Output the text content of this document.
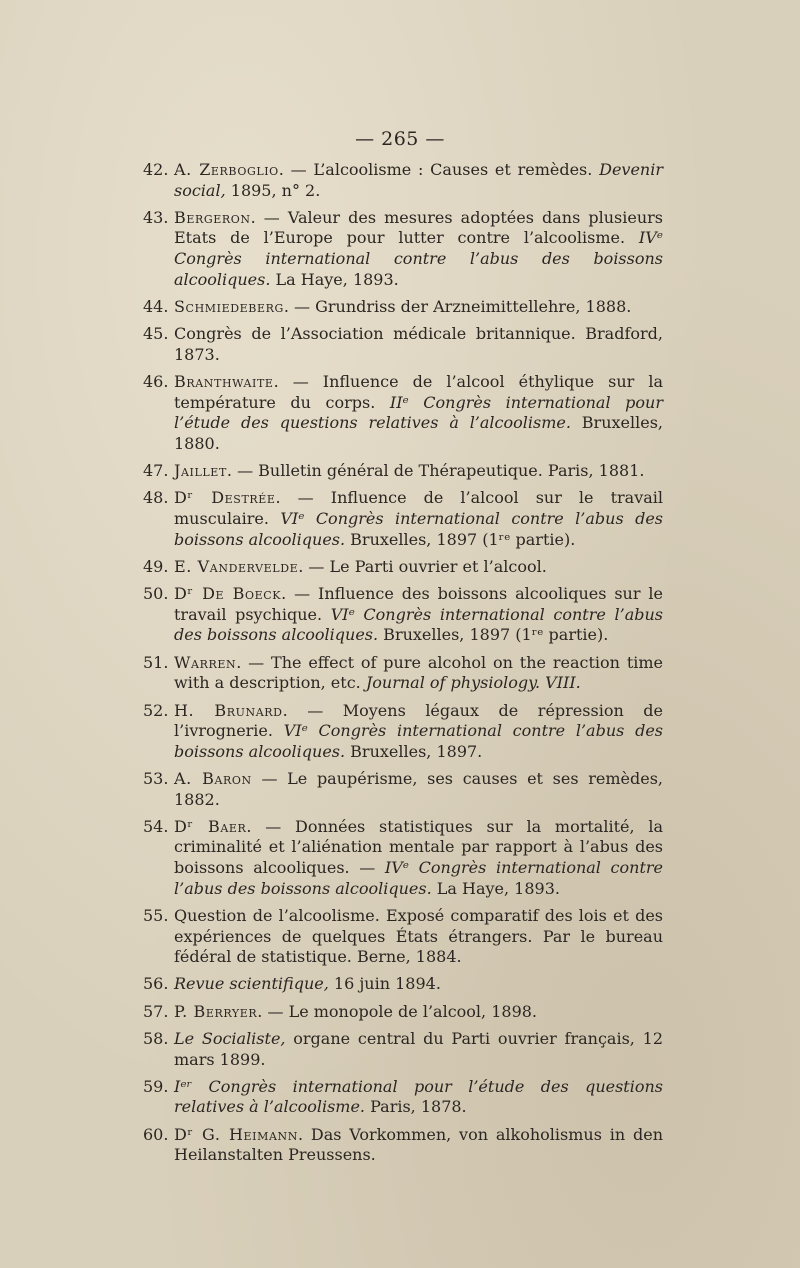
— 265 —
42. A. Zerboglio. — L’alcoolisme : Causes et remèdes. Devenir social, 1895, n° 2.
43. Bergeron. — Valeur des mesures adoptées dans plusieurs Etats de l’Europe pour lutter contre l’alcoolisme. IVᵉ Congrès international contre l’abus des boissons alcooliques. La Haye, 1893.
44. Schmiedeberg. — Grundriss der Arzneimittellehre, 1888.
45. Congrès de l’Association médicale britannique. Bradford, 1873.
46. Branthwaite. — Influence de l’alcool éthylique sur la température du corps. IIᵉ Congrès international pour l’étude des questions relatives à l’alcoolisme. Bruxelles, 1880.
47. Jaillet. — Bulletin général de Thérapeutique. Paris, 1881.
48. Dʳ Destrée. — Influence de l’alcool sur le travail musculaire. VIᵉ Congrès international contre l’abus des boissons alcooliques. Bruxelles, 1897 (1ʳᵉ partie).
49. E. Vandervelde. — Le Parti ouvrier et l’alcool.
50. Dʳ De Boeck. — Influence des boissons alcooliques sur le travail psychique. VIᵉ Congrès international contre l’abus des boissons alcooliques. Bruxelles, 1897 (1ʳᵉ partie).
51. Warren. — The effect of pure alcohol on the reaction time with a description, etc. Journal of physiology. VIII.
52. H. Brunard. — Moyens légaux de répression de l’ivrognerie. VIᵉ Congrès international contre l’abus des boissons alcooliques. Bruxelles, 1897.
53. A. Baron — Le paupérisme, ses causes et ses remèdes, 1882.
54. Dʳ Baer. — Données statistiques sur la mortalité, la criminalité et l’aliénation mentale par rapport à l’abus des boissons alcooliques. — IVᵉ Congrès international contre l’abus des boissons alcooliques. La Haye, 1893.
55. Question de l’alcoolisme. Exposé comparatif des lois et des expériences de quelques États étrangers. Par le bureau fédéral de statistique. Berne, 1884.
56. Revue scientifique, 16 juin 1894.
57. P. Berryer. — Le monopole de l’alcool, 1898.
58. Le Socialiste, organe central du Parti ouvrier français, 12 mars 1899.
59. Iᵉʳ Congrès international pour l’étude des questions relatives à l’alcoolisme. Paris, 1878.
60. Dʳ G. Heimann. Das Vorkommen, von alkoholismus in den Heilanstalten Preussens.
